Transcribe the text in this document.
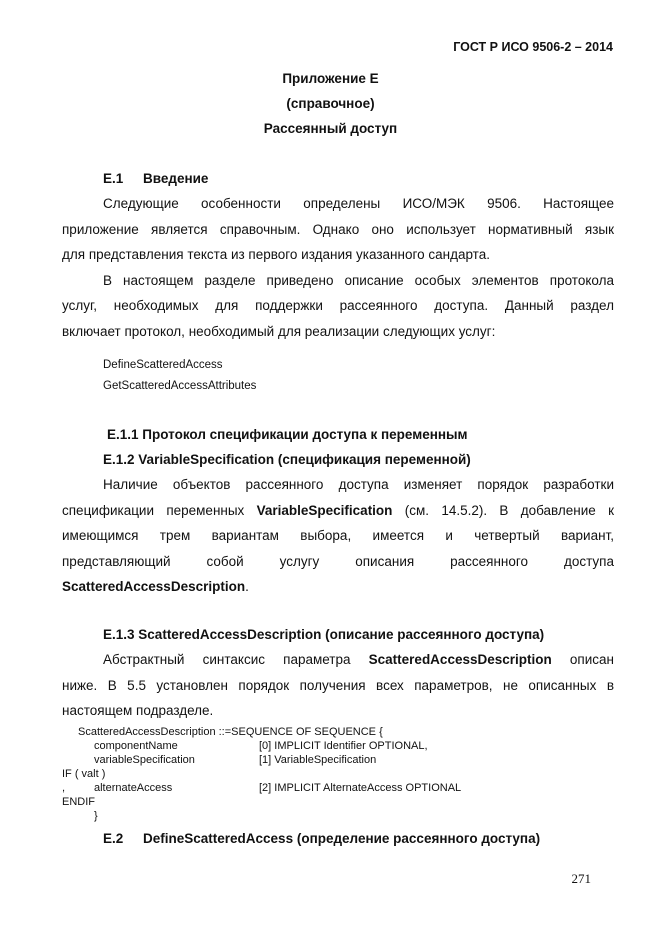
ГОСТ Р ИСО 9506-2 – 2014
Приложение Е
(справочное)
Рассеянный доступ
Е.1 Введение
Следующие особенности определены ИСО/МЭК 9506. Настоящее
приложение является справочным. Однако оно использует нормативный язык
для представления текста из первого издания указанного сандарта.
В настоящем разделе приведено описание особых элементов протокола
услуг, необходимых для поддержки рассеянного доступа. Данный раздел
включает протокол, необходимый для реализации следующих услуг:
DefineScatteredAccess
GetScatteredAccessAttributes
Е.1.1 Протокол спецификации доступа к переменным
Е.1.2 VariableSpecification (спецификация переменной)
Наличие объектов рассеянного доступа изменяет порядок разработки
спецификации переменных VariableSpecification (см. 14.5.2). В добавление к
имеющимся трем вариантам выбора, имеется и четвертый вариант,
представляющий собой услугу описания рассеянного доступа
ScatteredAccessDescription.
Е.1.3 ScatteredAccessDescription (описание рассеянного доступа)
Абстрактный синтаксис параметра ScatteredAccessDescription описан
ниже. В 5.5 установлен порядок получения всех параметров, не описанных в
настоящем подразделе.
ScatteredAccessDescription ::=SEQUENCE OF SEQUENCE {
componentName	[0] IMPLICIT Identifier OPTIONAL,
variableSpecification	[1] VariableSpecification
IF ( valt )
,	alternateAccess	[2] IMPLICIT AlternateAccess OPTIONAL
ENDIF
}
Е.2 DefineScatteredAccess (определение рассеянного доступа)
271
